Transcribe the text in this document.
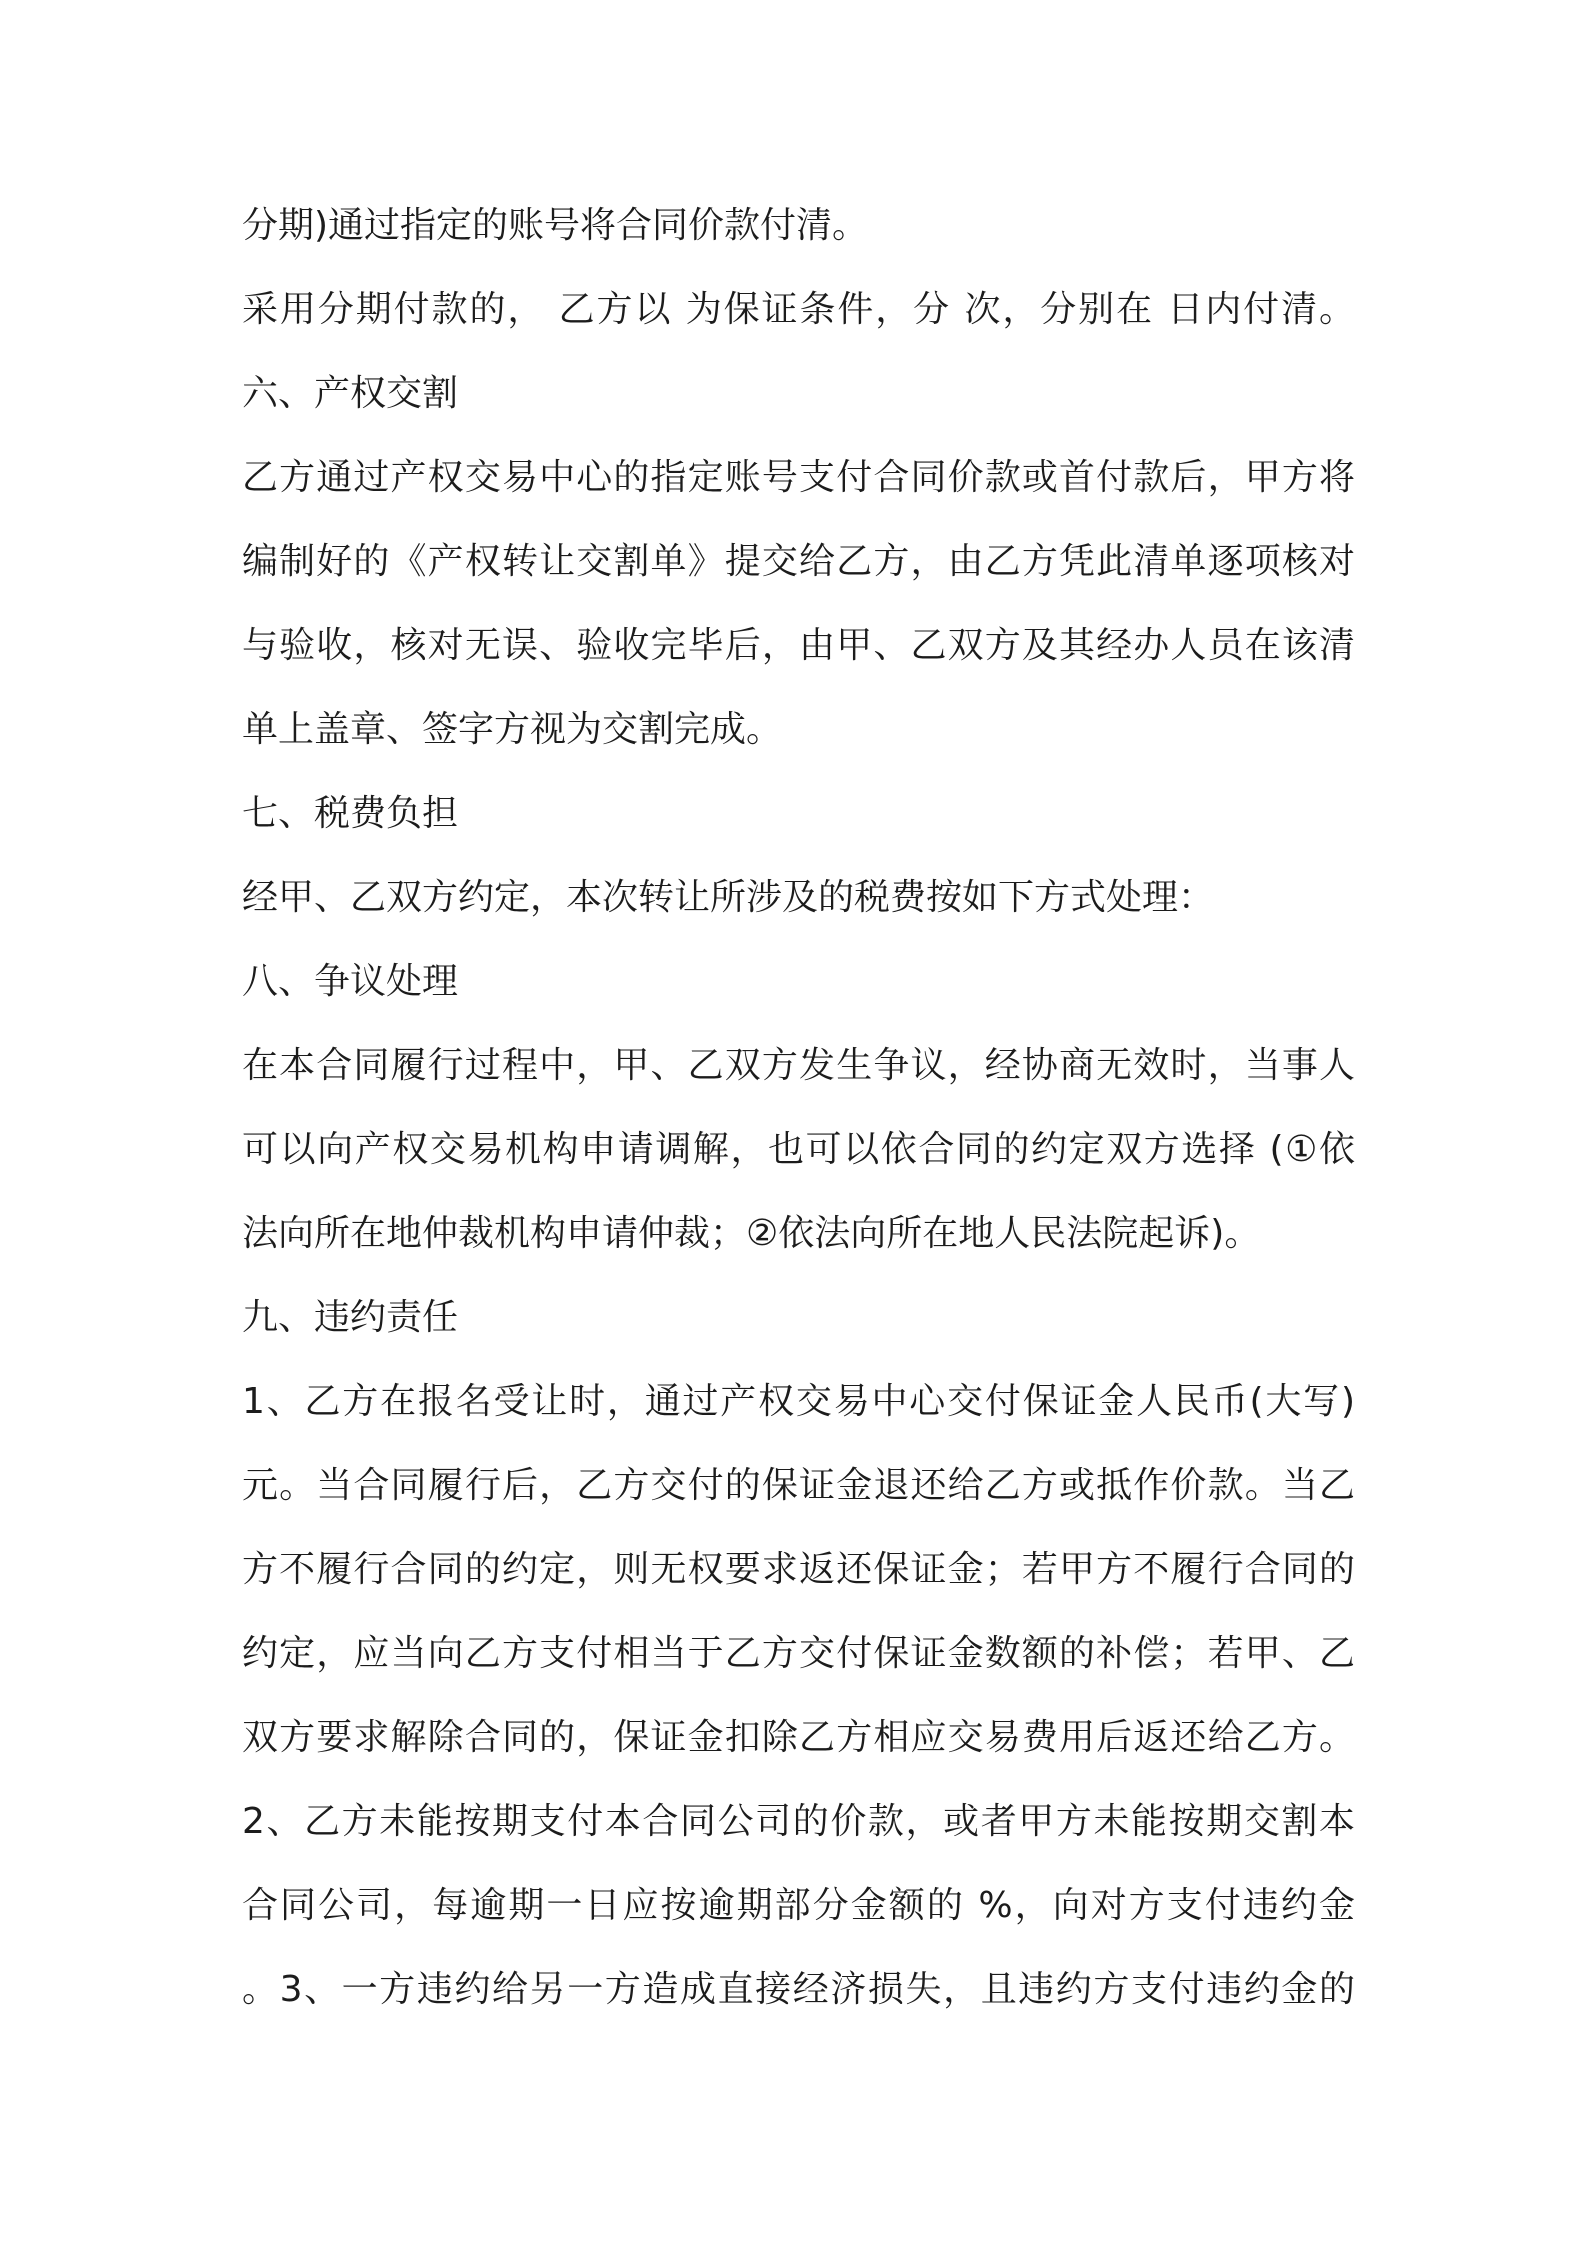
分期)通过指定的账号将合同价款付清。
采用分期付款的， 乙方以 为保证条件，分 次，分别在 日内付清。
六、产权交割
乙方通过产权交易中心的指定账号支付合同价款或首付款后，甲方将
编制好的《产权转让交割单》提交给乙方，由乙方凭此清单逐项核对
与验收，核对无误、验收完毕后，由甲、乙双方及其经办人员在该清
单上盖章、签字方视为交割完成。
七、税费负担
经甲、乙双方约定，本次转让所涉及的税费按如下方式处理：
八、争议处理
在本合同履行过程中，甲、乙双方发生争议，经协商无效时，当事人
可以向产权交易机构申请调解，也可以依合同的约定双方选择 (①依
法向所在地仲裁机构申请仲裁；②依法向所在地人民法院起诉)。
九、违约责任
1、乙方在报名受让时，通过产权交易中心交付保证金人民币(大写)
元。当合同履行后，乙方交付的保证金退还给乙方或抵作价款。当乙
方不履行合同的约定，则无权要求返还保证金；若甲方不履行合同的
约定，应当向乙方支付相当于乙方交付保证金数额的补偿；若甲、乙
双方要求解除合同的，保证金扣除乙方相应交易费用后返还给乙方。
2、乙方未能按期支付本合同公司的价款，或者甲方未能按期交割本
合同公司，每逾期一日应按逾期部分金额的 %，向对方支付违约金
。3、一方违约给另一方造成直接经济损失，且违约方支付违约金的
